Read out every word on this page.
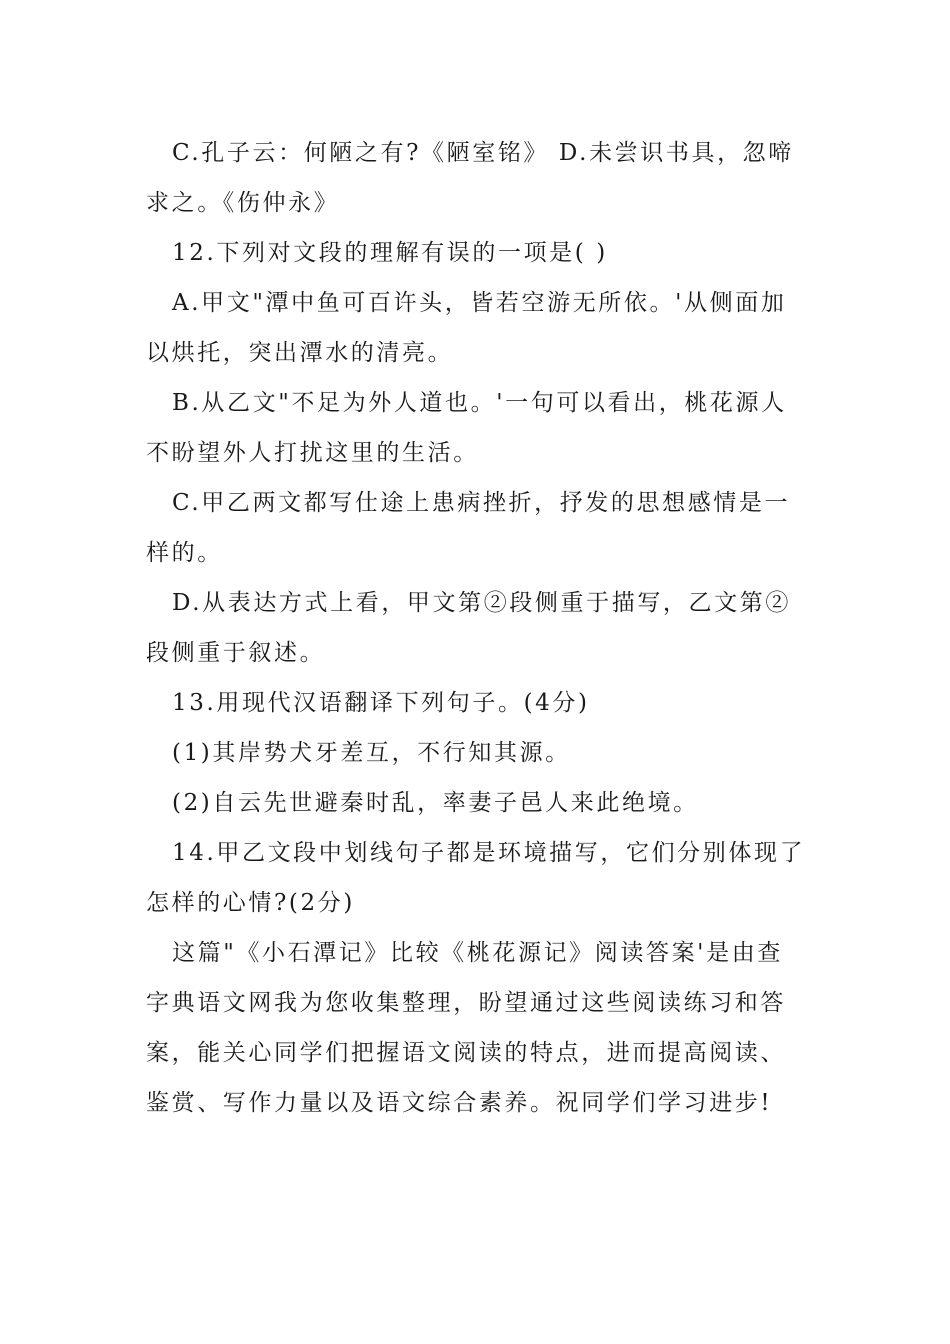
C.孔子云：何陋之有?《陋室铭》 D.未尝识书具，忽啼
求之。《伤仲永》
12.下列对文段的理解有误的一项是( )
A.甲文"潭中鱼可百许头，皆若空游无所依。'从侧面加
以烘托，突出潭水的清亮。
B.从乙文"不足为外人道也。'一句可以看出，桃花源人
不盼望外人打扰这里的生活。
C.甲乙两文都写仕途上患病挫折，抒发的思想感情是一
样的。
D.从表达方式上看，甲文第②段侧重于描写，乙文第②
段侧重于叙述。
13.用现代汉语翻译下列句子。(4分)
(1)其岸势犬牙差互，不行知其源。
(2)自云先世避秦时乱，率妻子邑人来此绝境。
14.甲乙文段中划线句子都是环境描写，它们分别体现了
怎样的心情?(2分)
这篇"《小石潭记》比较《桃花源记》阅读答案'是由查
字典语文网我为您收集整理，盼望通过这些阅读练习和答
案，能关心同学们把握语文阅读的特点，进而提高阅读、
鉴赏、写作力量以及语文综合素养。祝同学们学习进步!
